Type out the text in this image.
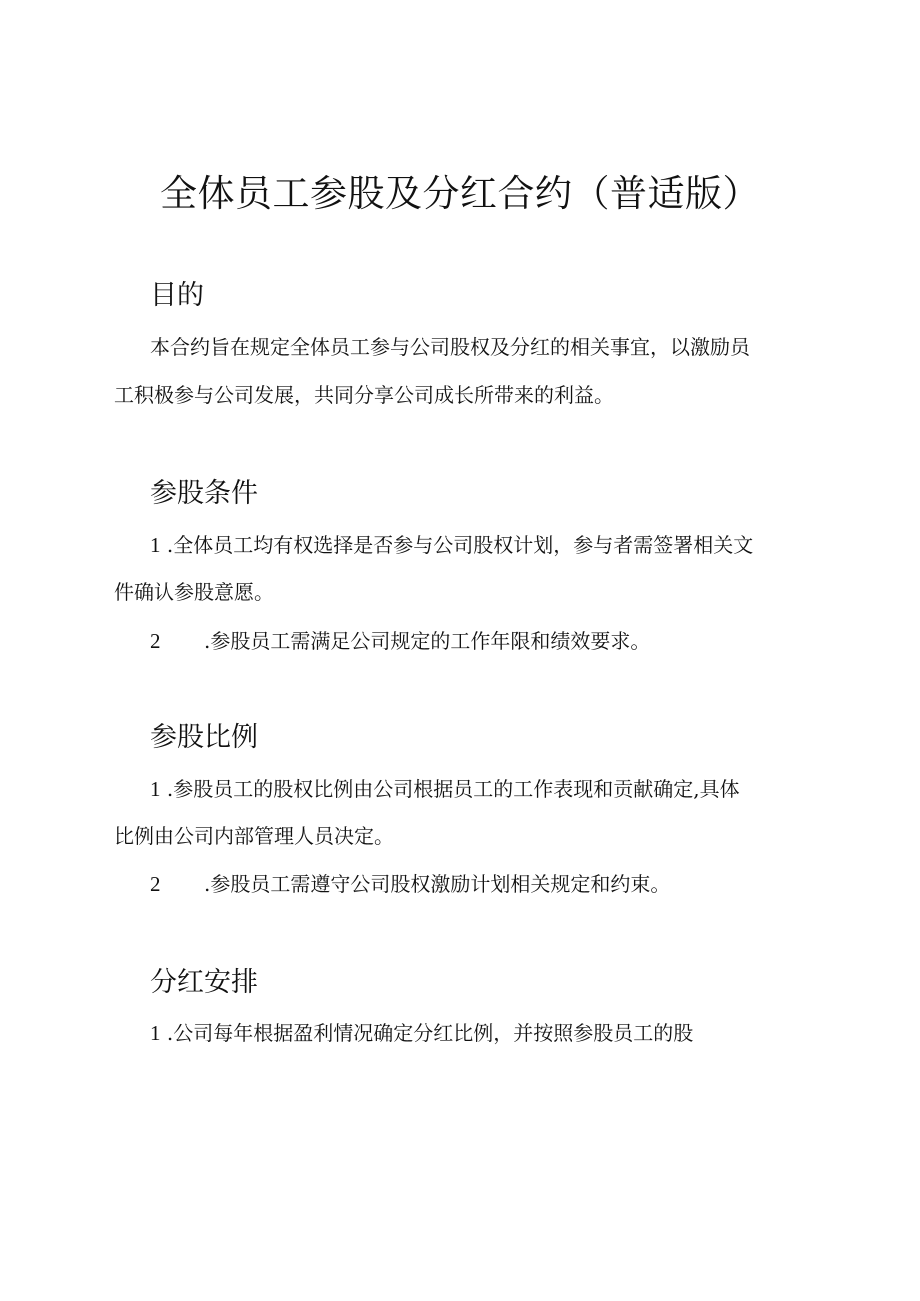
全体员工参股及分红合约（普适版）
目的

本合约旨在规定全体员工参与公司股权及分红的相关事宜，以激励员

工积极参与公司发展，共同分享公司成长所带来的利益。

参股条件

1 .全体员工均有权选择是否参与公司股权计划，参与者需签署相关文

件确认参股意愿。

2 .参股员工需满足公司规定的工作年限和绩效要求。

参股比例

1 .参股员工的股权比例由公司根据员工的工作表现和贡献确定,具体

比例由公司内部管理人员决定。

2 .参股员工需遵守公司股权激励计划相关规定和约束。

分红安排

1 .公司每年根据盈利情况确定分红比例，并按照参股员工的股
